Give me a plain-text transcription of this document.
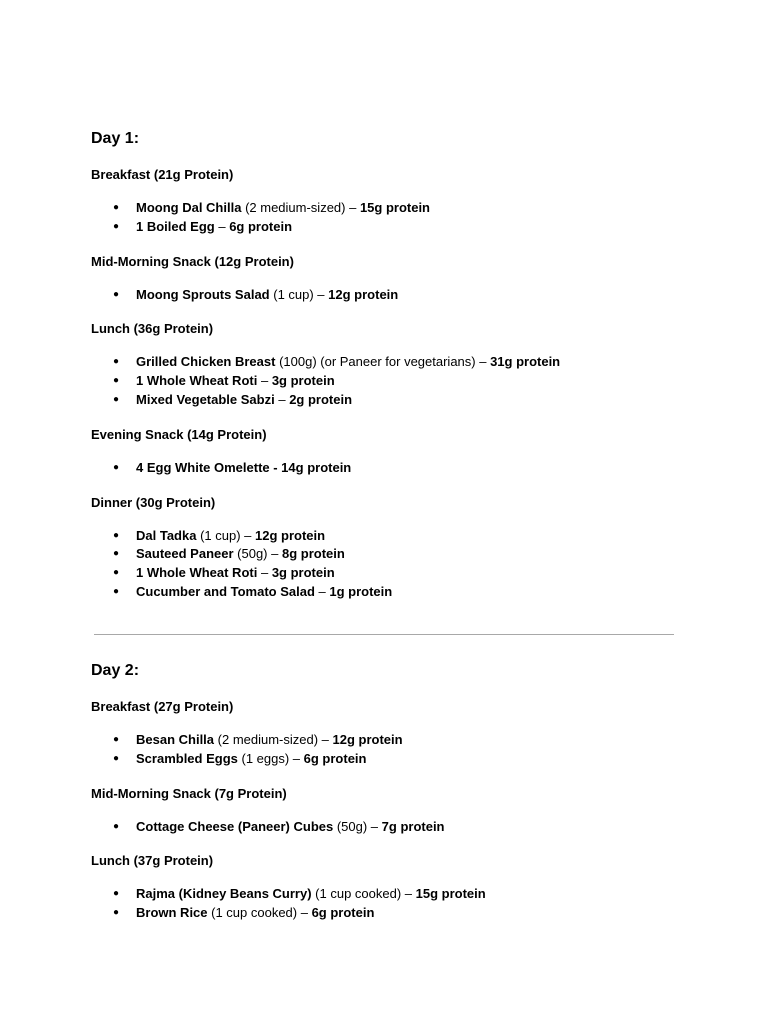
Day 1:
Breakfast (21g Protein)
● Moong Dal Chilla (2 medium-sized) – 15g protein
● 1 Boiled Egg – 6g protein
Mid-Morning Snack (12g Protein)
● Moong Sprouts Salad (1 cup) – 12g protein
Lunch (36g Protein)
● Grilled Chicken Breast (100g) (or Paneer for vegetarians) – 31g protein
● 1 Whole Wheat Roti – 3g protein
● Mixed Vegetable Sabzi – 2g protein
Evening Snack (14g Protein)
● 4 Egg White Omelette - 14g protein
Dinner (30g Protein)
● Dal Tadka (1 cup) – 12g protein
● Sauteed Paneer (50g) – 8g protein
● 1 Whole Wheat Roti – 3g protein
● Cucumber and Tomato Salad – 1g protein
Day 2:
Breakfast (27g Protein)
● Besan Chilla (2 medium-sized) – 12g protein
● Scrambled Eggs (1 eggs) – 6g protein
Mid-Morning Snack (7g Protein)
● Cottage Cheese (Paneer) Cubes (50g) – 7g protein
Lunch (37g Protein)
● Rajma (Kidney Beans Curry) (1 cup cooked) – 15g protein
● Brown Rice (1 cup cooked) – 6g protein
